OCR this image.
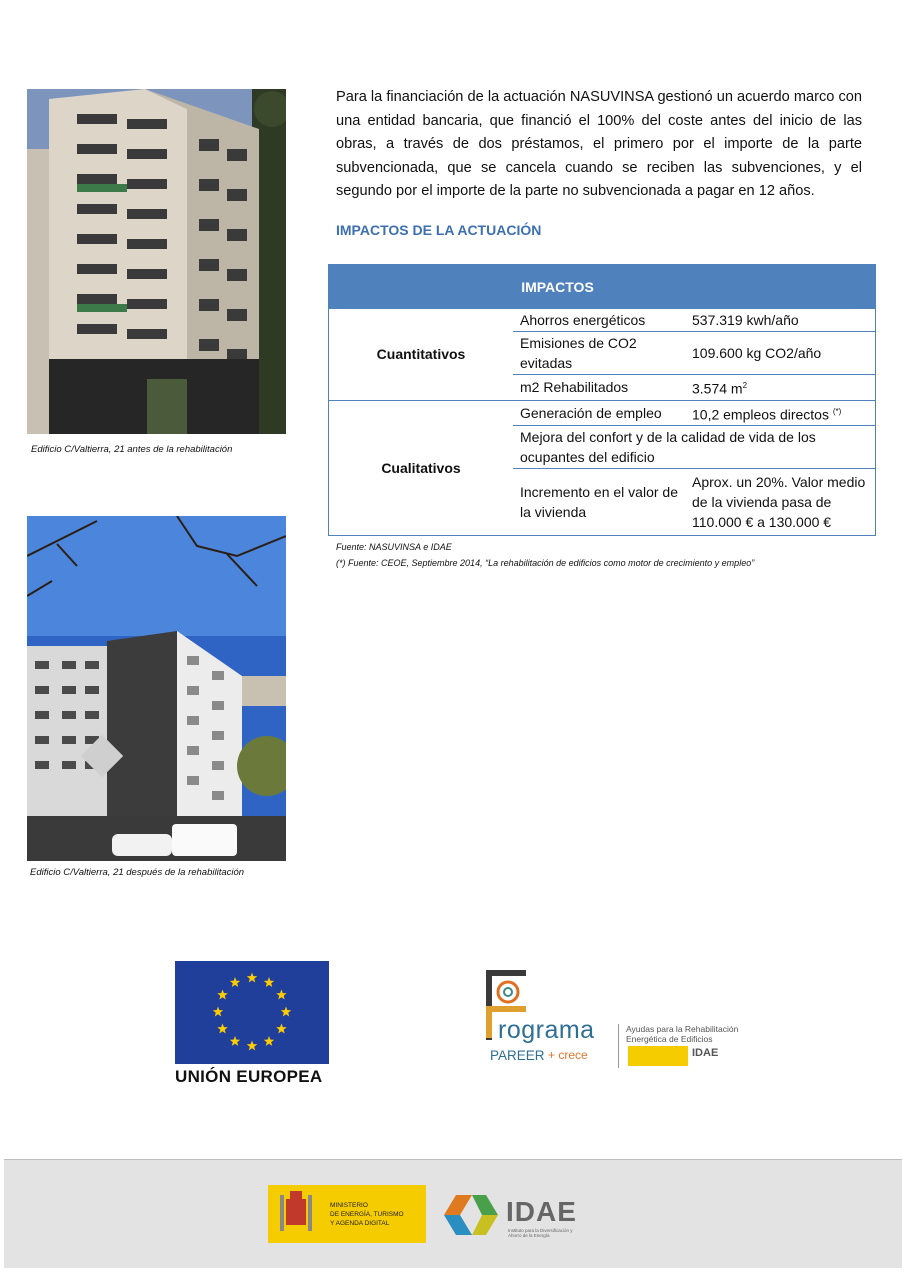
Edificio C/Valtierra, 21 antes de la rehabilitación
Edificio C/Valtierra, 21 después de la rehabilitación
Para la financiación de la actuación NASUVINSA gestionó un acuerdo marco con una entidad bancaria, que financió el 100% del coste antes del inicio de las obras, a través de dos préstamos, el primero por el importe de la parte subvencionada, que se cancela cuando se reciben las subvenciones, y el segundo por el importe de la parte no subvencionada a pagar en 12 años.
IMPACTOS DE LA ACTUACIÓN
IMPACTOS		
Cuantitativos	Ahorros energéticos	537.319 kwh/año
	Emisiones de CO2 evitadas	109.600 kg CO2/año
	m2 Rehabilitados	3.574 $m^2$
Cualitativos	Generación de empleo	10,2 empleos directos (*)
	Mejora del confort y de la calidad de vida de los ocupantes del edificio	
	Incremento en el valor de la vivienda	Aprox. un 20%. Valor medio de la vivienda pasa de 110.000 € a 130.000 €
Fuente: NASUVINSA e IDAE
(*) Fuente: CEOE, Septiembre 2014, “La rehabilitación de edificios como motor de crecimiento y empleo”
UNIÓN EUROPEA
rograma
PAREER + crece
Ayudas para la Rehabilitación
Energética de Edificios
IDAE
MINISTERIO
DE ENERGÍA, TURISMO
Y AGENDA DIGITAL	IDAE
Instituto para la Diversificación y Ahorro de la Energía
